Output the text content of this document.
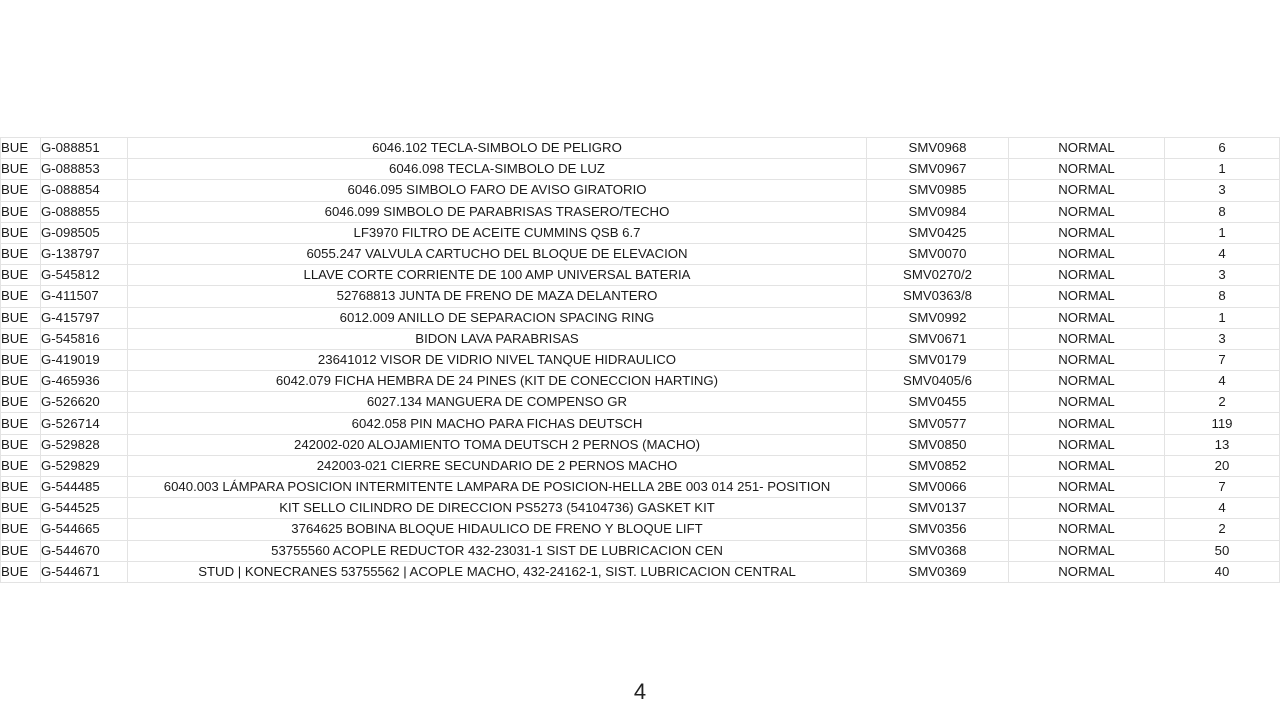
BUE	G-088851	6046.102 TECLA-SIMBOLO DE PELIGRO	SMV0968	NORMAL	6
BUE	G-088853	6046.098 TECLA-SIMBOLO DE LUZ	SMV0967	NORMAL	1
BUE	G-088854	6046.095 SIMBOLO FARO DE AVISO GIRATORIO	SMV0985	NORMAL	3
BUE	G-088855	6046.099 SIMBOLO DE PARABRISAS TRASERO/TECHO	SMV0984	NORMAL	8
BUE	G-098505	LF3970 FILTRO DE ACEITE CUMMINS QSB 6.7	SMV0425	NORMAL	1
BUE	G-138797	6055.247 VALVULA CARTUCHO DEL BLOQUE DE ELEVACION	SMV0070	NORMAL	4
BUE	G-545812	LLAVE CORTE CORRIENTE DE 100 AMP UNIVERSAL BATERIA	SMV0270/2	NORMAL	3
BUE	G-411507	52768813 JUNTA DE FRENO DE MAZA DELANTERO	SMV0363/8	NORMAL	8
BUE	G-415797	6012.009 ANILLO DE SEPARACION SPACING RING	SMV0992	NORMAL	1
BUE	G-545816	BIDON LAVA PARABRISAS	SMV0671	NORMAL	3
BUE	G-419019	23641012 VISOR DE VIDRIO NIVEL TANQUE HIDRAULICO	SMV0179	NORMAL	7
BUE	G-465936	6042.079 FICHA HEMBRA DE 24 PINES (KIT DE CONECCION HARTING)	SMV0405/6	NORMAL	4
BUE	G-526620	6027.134 MANGUERA DE COMPENSO GR	SMV0455	NORMAL	2
BUE	G-526714	6042.058 PIN MACHO PARA FICHAS DEUTSCH	SMV0577	NORMAL	119
BUE	G-529828	242002-020 ALOJAMIENTO TOMA DEUTSCH 2 PERNOS (MACHO)	SMV0850	NORMAL	13
BUE	G-529829	242003-021 CIERRE SECUNDARIO DE 2 PERNOS MACHO	SMV0852	NORMAL	20
BUE	G-544485	6040.003 LÁMPARA POSICION INTERMITENTE LAMPARA DE POSICION-HELLA 2BE 003 014 251- POSITION	SMV0066	NORMAL	7
BUE	G-544525	KIT SELLO CILINDRO DE DIRECCION PS5273 (54104736) GASKET KIT	SMV0137	NORMAL	4
BUE	G-544665	3764625 BOBINA BLOQUE HIDAULICO DE FRENO Y BLOQUE LIFT	SMV0356	NORMAL	2
BUE	G-544670	53755560 ACOPLE REDUCTOR 432-23031-1 SIST DE LUBRICACION CEN	SMV0368	NORMAL	50
BUE	G-544671	STUD | KONECRANES 53755562 | ACOPLE MACHO, 432-24162-1, SIST. LUBRICACION CENTRAL	SMV0369	NORMAL	40
4
